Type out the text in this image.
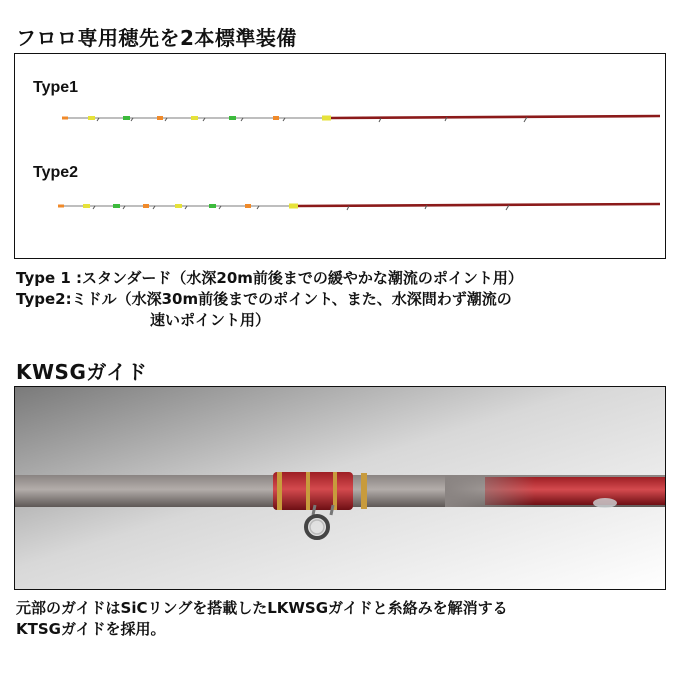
フロロ専用穂先を2本標準装備
Type1
Type2
Type 1 :スタンダード（水深20m前後までの緩やかな潮流のポイント用）
Type2:ミドル（水深30m前後までのポイント、また、水深問わず潮流の
速いポイント用）
KWSGガイド
元部のガイドはSiCリングを搭載したLKWSGガイドと糸絡みを解消する
KTSGガイドを採用。
